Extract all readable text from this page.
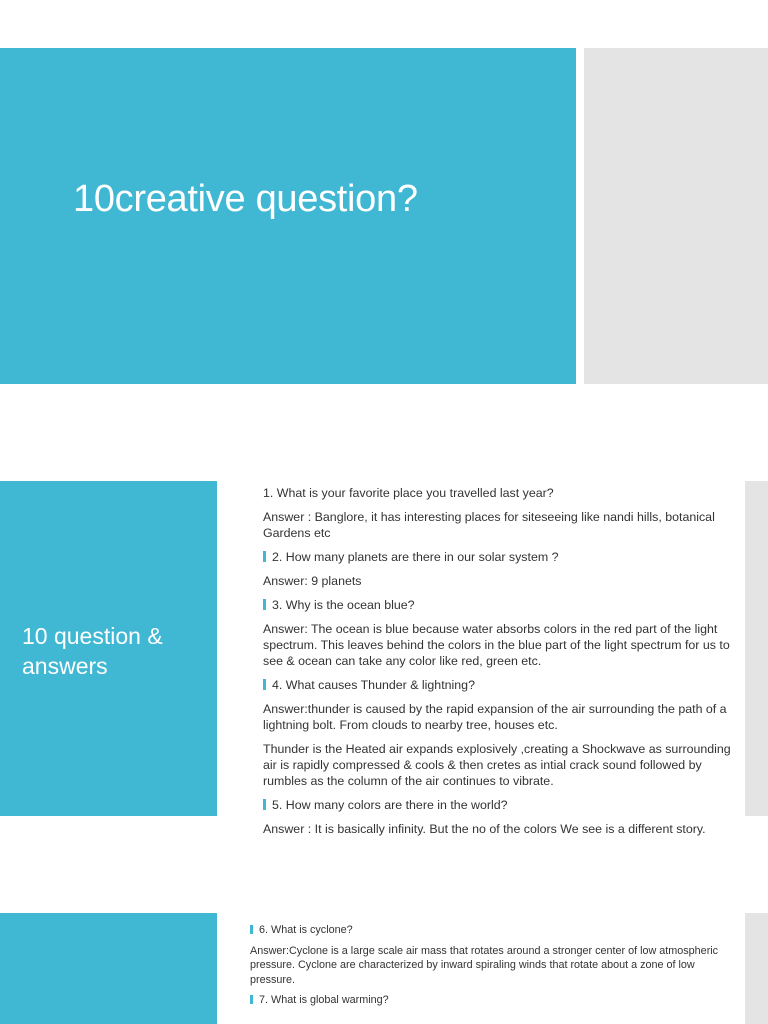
10creative question?
10 question & answers

1. What is your favorite place you travelled last year?

Answer : Banglore, it has interesting places for siteseeing like nandi hills, botanical Gardens etc

2. How many planets are there in our solar system ?

Answer: 9 planets

3. Why is the ocean blue?

Answer: The ocean is blue because water absorbs colors in the red part of the light spectrum. This leaves behind the colors in the blue part of the light spectrum for us to see & ocean can take any color like red, green etc.

4. What causes Thunder & lightning?

Answer:thunder is caused by the rapid expansion of the air surrounding the path of a lightning bolt. From clouds to nearby tree, houses etc.

Thunder is the Heated air expands explosively ,creating a Shockwave as surrounding air is rapidly compressed & cools & then cretes as intial crack sound followed by rumbles as the column of the air continues to vibrate.

5. How many colors are there in the world?

Answer : It is basically infinity. But the no of the colors We see is a different story.

6. What is cyclone?

Answer:Cyclone is a large scale air mass that rotates around a stronger center of low atmospheric pressure. Cyclone are characterized by inward spiraling winds that rotate about a zone of low pressure.

7. What is global warming?
